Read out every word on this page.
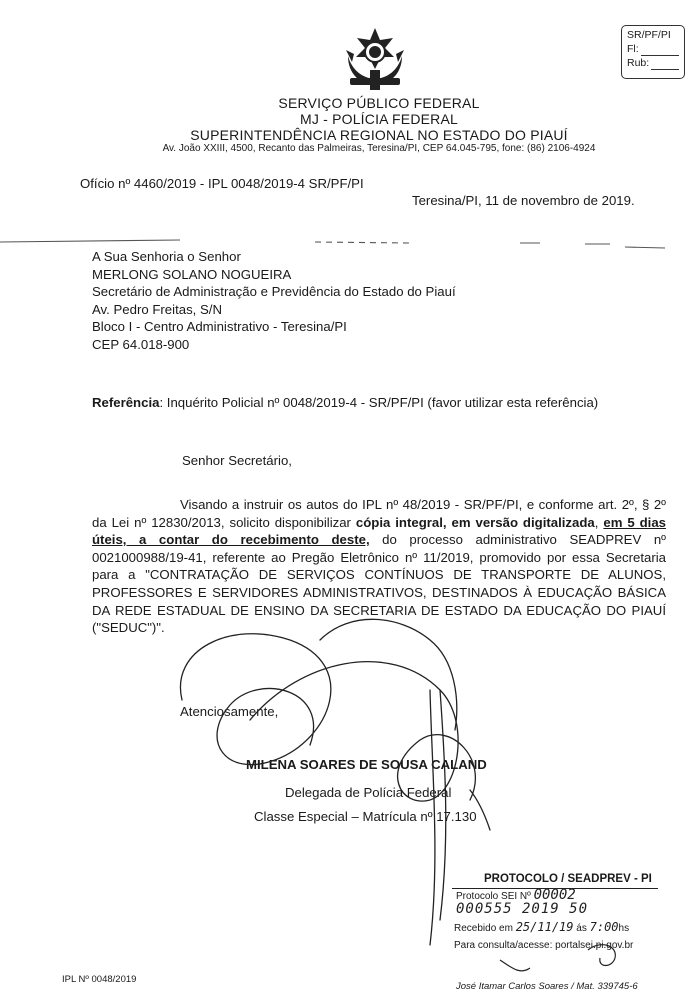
SR/PF/PI
Fl:
Rub:
SERVIÇO PÚBLICO FEDERAL
MJ - POLÍCIA FEDERAL
SUPERINTENDÊNCIA REGIONAL NO ESTADO DO PIAUÍ
Av. João XXIII, 4500, Recanto das Palmeiras, Teresina/PI, CEP 64.045-795, fone: (86) 2106-4924
Ofício nº 4460/2019 - IPL 0048/2019-4 SR/PF/PI
Teresina/PI, 11 de novembro de 2019.
A Sua Senhoria o Senhor
MERLONG SOLANO NOGUEIRA
Secretário de Administração e Previdência do Estado do Piauí
Av. Pedro Freitas, S/N
Bloco I - Centro Administrativo - Teresina/PI
CEP 64.018-900
Referência: Inquérito Policial nº 0048/2019-4 - SR/PF/PI (favor utilizar esta referência)
Senhor Secretário,

Visando a instruir os autos do IPL nº 48/2019 - SR/PF/PI, e conforme art. 2º, § 2º da Lei nº 12830/2013, solicito disponibilizar cópia integral, em versão digitalizada, em 5 dias úteis, a contar do recebimento deste, do processo administrativo SEADPREV nº 0021000988/19-41, referente ao Pregão Eletrônico nº 11/2019, promovido por essa Secretaria para a "CONTRATAÇÃO DE SERVIÇOS CONTÍNUOS DE TRANSPORTE DE ALUNOS, PROFESSORES E SERVIDORES ADMINISTRATIVOS, DESTINADOS À EDUCAÇÃO BÁSICA DA REDE ESTADUAL DE ENSINO DA SECRETARIA DE ESTADO DA EDUCAÇÃO DO PIAUÍ ("SEDUC")".

Atenciosamente,
MILENA SOARES DE SOUSA CALAND
Delegada de Polícia Federal
Classe Especial – Matrícula nº 17.130
IPL Nº 0048/2019
PROTOCOLO / SEADPREV - PI
Protocolo SEI Nº 00002
000555 2019 50
Recebido em 25/11/19 ás 7:00hs
Para consulta/acesse: portalsei.pi.gov.br
José Itamar Carlos Soares / Mat. 339745-6
